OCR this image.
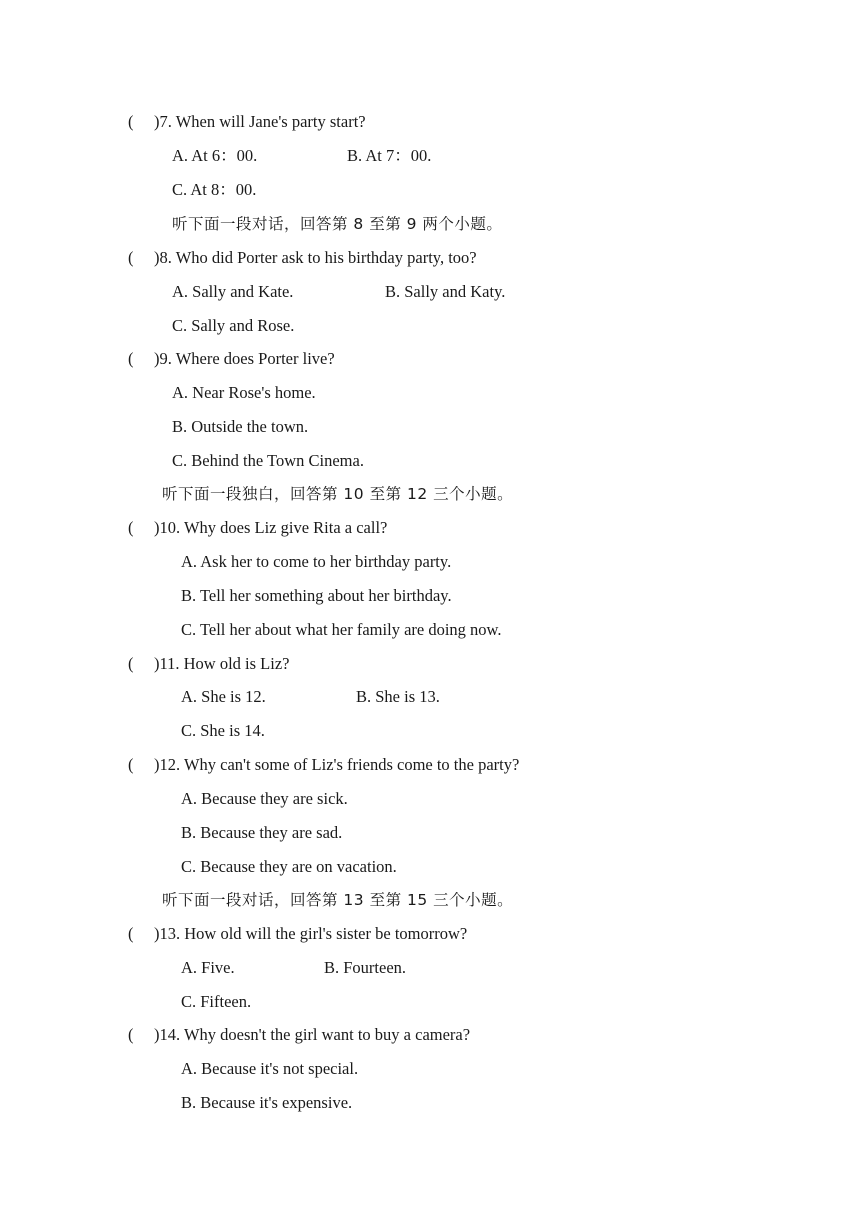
( )7. When will Jane's party start?
A. At 6：00.	B. At 7：00.
C. At 8：00.
听下面一段对话，回答第 8 至第 9 两个小题。
( )8. Who did Porter ask to his birthday party, too?
A. Sally and Kate.	B. Sally and Katy.
C. Sally and Rose.
( )9. Where does Porter live?
A. Near Rose's home.
B. Outside the town.
C. Behind the Town Cinema.
听下面一段独白，回答第 10 至第 12 三个小题。
( )10. Why does Liz give Rita a call?
A. Ask her to come to her birthday party.
B. Tell her something about her birthday.
C. Tell her about what her family are doing now.
( )11. How old is Liz?
A. She is 12.	B. She is 13.
C. She is 14.
( )12. Why can't some of Liz's friends come to the party?
A. Because they are sick.
B. Because they are sad.
C. Because they are on vacation.
听下面一段对话，回答第 13 至第 15 三个小题。
( )13. How old will the girl's sister be tomorrow?
A. Five.	B. Fourteen.
C. Fifteen.
( )14. Why doesn't the girl want to buy a camera?
A. Because it's not special.
B. Because it's expensive.
